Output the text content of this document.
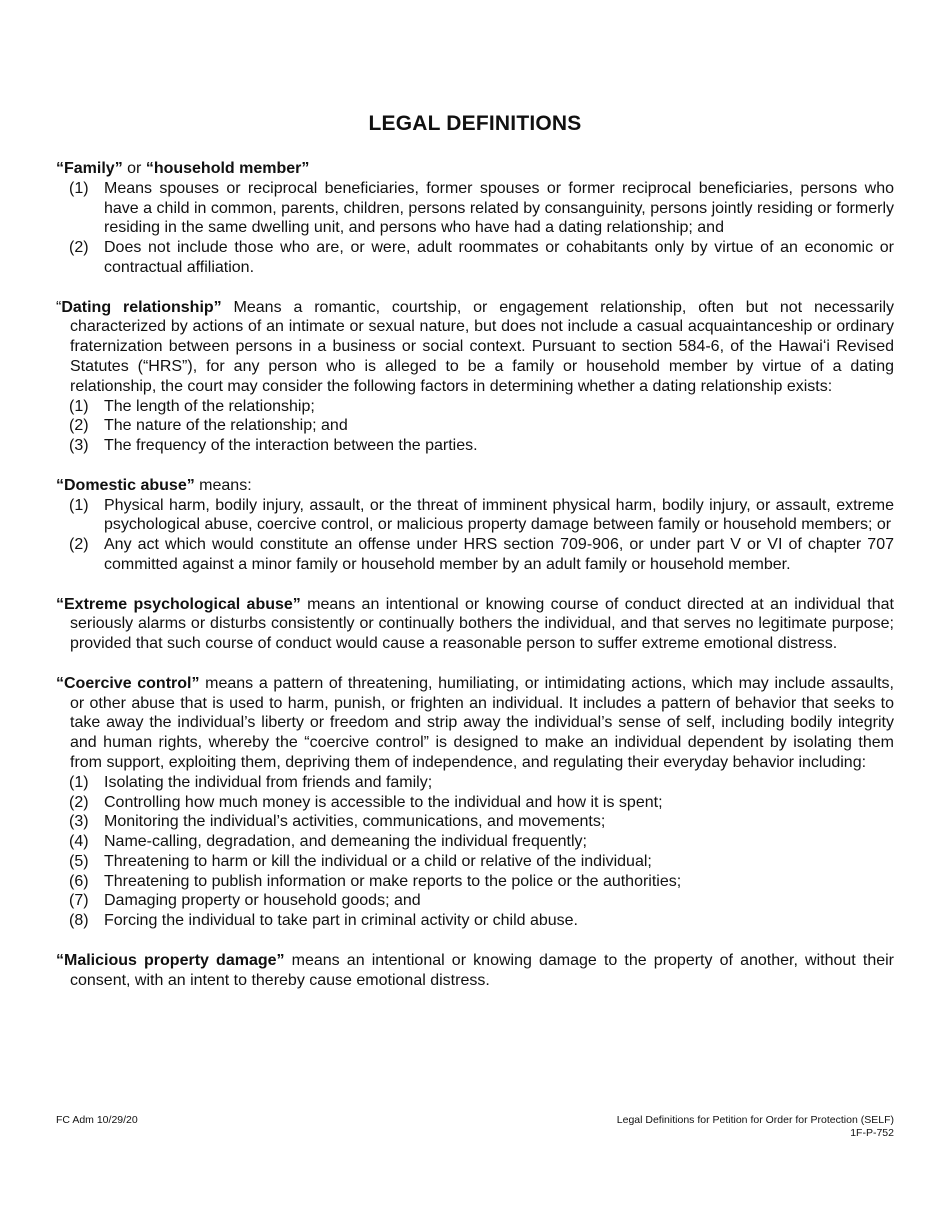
LEGAL DEFINITIONS

“Family” or “household member”

(1) Means spouses or reciprocal beneficiaries, former spouses or former reciprocal beneficiaries, persons who have a child in common, parents, children, persons related by consanguinity, persons jointly residing or formerly residing in the same dwelling unit, and persons who have had a dating relationship; and
(2) Does not include those who are, or were, adult roommates or cohabitants only by virtue of an economic or contractual affiliation.

“Dating relationship” Means a romantic, courtship, or engagement relationship, often but not necessarily characterized by actions of an intimate or sexual nature, but does not include a casual acquaintanceship or ordinary fraternization between persons in a business or social context. Pursuant to section 584-6, of the Hawaiʻi Revised Statutes (“HRS”), for any person who is alleged to be a family or household member by virtue of a dating relationship, the court may consider the following factors in determining whether a dating relationship exists:

(1) The length of the relationship;
(2) The nature of the relationship; and
(3) The frequency of the interaction between the parties.

“Domestic abuse” means:

(1) Physical harm, bodily injury, assault, or the threat of imminent physical harm, bodily injury, or assault, extreme psychological abuse, coercive control, or malicious property damage between family or household members; or
(2) Any act which would constitute an offense under HRS section 709-906, or under part V or VI of chapter 707 committed against a minor family or household member by an adult family or household member.

“Extreme psychological abuse” means an intentional or knowing course of conduct directed at an individual that seriously alarms or disturbs consistently or continually bothers the individual, and that serves no legitimate purpose; provided that such course of conduct would cause a reasonable person to suffer extreme emotional distress.

“Coercive control” means a pattern of threatening, humiliating, or intimidating actions, which may include assaults, or other abuse that is used to harm, punish, or frighten an individual. It includes a pattern of behavior that seeks to take away the individual’s liberty or freedom and strip away the individual’s sense of self, including bodily integrity and human rights, whereby the “coercive control” is designed to make an individual dependent by isolating them from support, exploiting them, depriving them of independence, and regulating their everyday behavior including:

(1) Isolating the individual from friends and family;
(2) Controlling how much money is accessible to the individual and how it is spent;
(3) Monitoring the individual’s activities, communications, and movements;
(4) Name-calling, degradation, and demeaning the individual frequently;
(5) Threatening to harm or kill the individual or a child or relative of the individual;
(6) Threatening to publish information or make reports to the police or the authorities;
(7) Damaging property or household goods; and
(8) Forcing the individual to take part in criminal activity or child abuse.

“Malicious property damage” means an intentional or knowing damage to the property of another, without their consent, with an intent to thereby cause emotional distress.

FC Adm 10/29/20	Legal Definitions for Petition for Order for Protection (SELF)
1F-P-752
